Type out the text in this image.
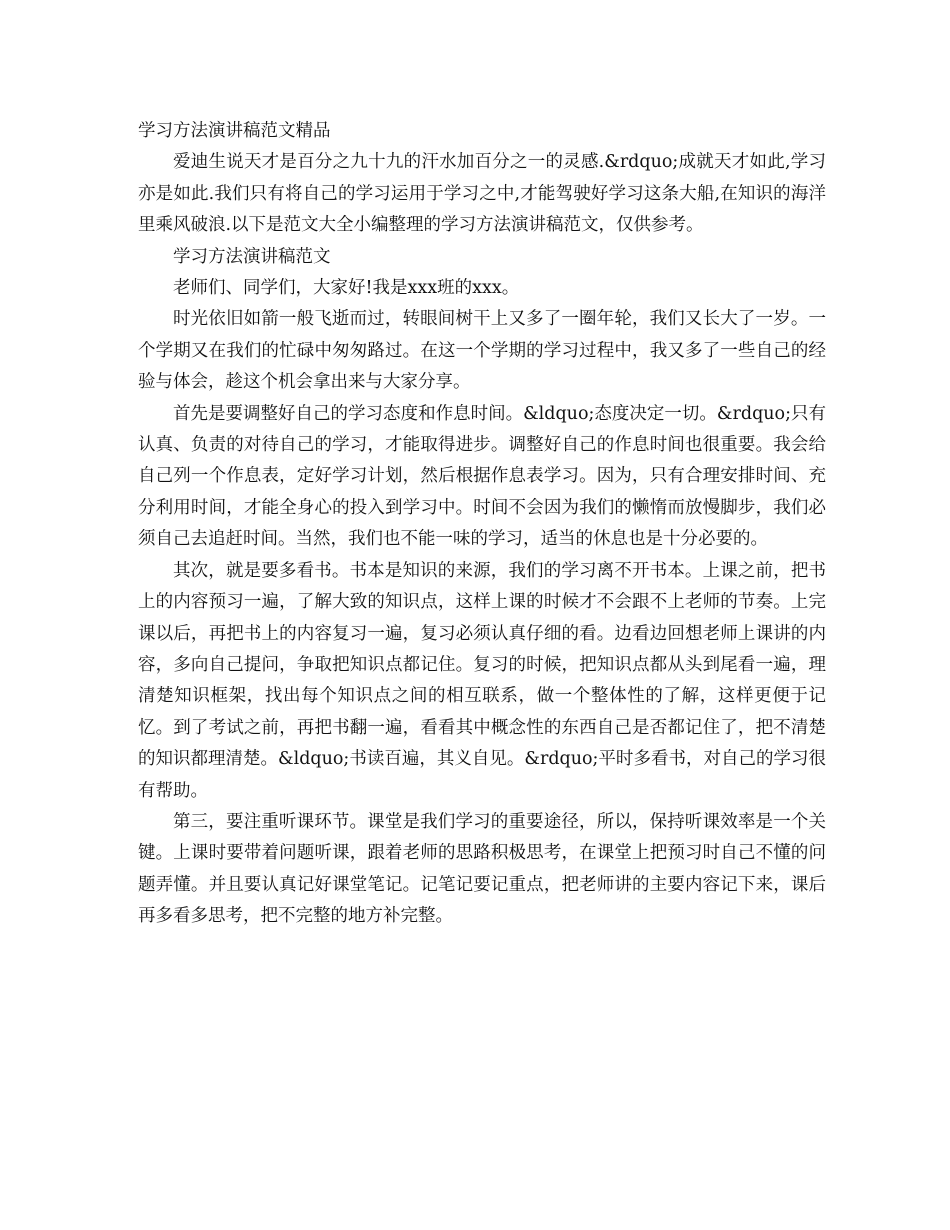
学习方法演讲稿范文精品

爱迪生说天才是百分之九十九的汗水加百分之一的灵感.&rdquo;成就天才如此,学习亦是如此.我们只有将自己的学习运用于学习之中,才能驾驶好学习这条大船,在知识的海洋里乘风破浪.以下是范文大全小编整理的学习方法演讲稿范文，仅供参考。

学习方法演讲稿范文

老师们、同学们，大家好!我是xxx班的xxx。

时光依旧如箭一般飞逝而过，转眼间树干上又多了一圈年轮，我们又长大了一岁。一个学期又在我们的忙碌中匆匆路过。在这一个学期的学习过程中，我又多了一些自己的经验与体会，趁这个机会拿出来与大家分享。

首先是要调整好自己的学习态度和作息时间。&ldquo;态度决定一切。&rdquo;只有认真、负责的对待自己的学习，才能取得进步。调整好自己的作息时间也很重要。我会给自己列一个作息表，定好学习计划，然后根据作息表学习。因为，只有合理安排时间、充分利用时间，才能全身心的投入到学习中。时间不会因为我们的懒惰而放慢脚步，我们必须自己去追赶时间。当然，我们也不能一味的学习，适当的休息也是十分必要的。

其次，就是要多看书。书本是知识的来源，我们的学习离不开书本。上课之前，把书上的内容预习一遍，了解大致的知识点，这样上课的时候才不会跟不上老师的节奏。上完课以后，再把书上的内容复习一遍，复习必须认真仔细的看。边看边回想老师上课讲的内容，多向自己提问，争取把知识点都记住。复习的时候，把知识点都从头到尾看一遍，理清楚知识框架，找出每个知识点之间的相互联系，做一个整体性的了解，这样更便于记忆。到了考试之前，再把书翻一遍，看看其中概念性的东西自己是否都记住了，把不清楚的知识都理清楚。&ldquo;书读百遍，其义自见。&rdquo;平时多看书，对自己的学习很有帮助。

第三，要注重听课环节。课堂是我们学习的重要途径，所以，保持听课效率是一个关键。上课时要带着问题听课，跟着老师的思路积极思考，在课堂上把预习时自己不懂的问题弄懂。并且要认真记好课堂笔记。记笔记要记重点，把老师讲的主要内容记下来，课后再多看多思考，把不完整的地方补完整。
